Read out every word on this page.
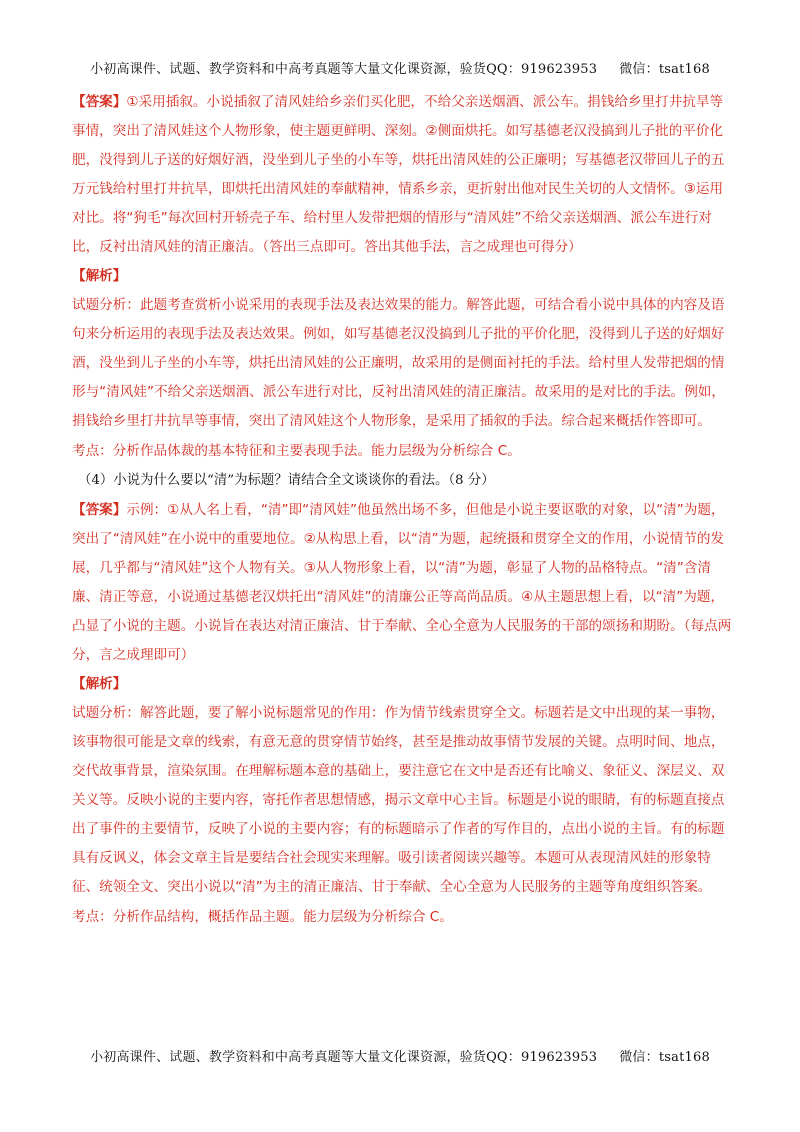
小初高课件、试题、教学资料和中高考真题等大量文化课资源，验货QQ：919623953 微信：tsat168
【答案】①采用插叙。小说插叙了清风娃给乡亲们买化肥，不给父亲送烟酒、派公车。捐钱给乡里打井抗旱等事情，突出了清风娃这个人物形象，使主题更鲜明、深刻。②侧面烘托。如写基德老汉没搞到儿子批的平价化肥，没得到儿子送的好烟好酒，没坐到儿子坐的小车等，烘托出清风娃的公正廉明；写基德老汉带回儿子的五万元钱给村里打井抗旱，即烘托出清风娃的奉献精神，情系乡亲，更折射出他对民生关切的人文情怀。③运用对比。将“狗毛”每次回村开轿壳子车、给村里人发带把烟的情形与“清风娃”不给父亲送烟酒、派公车进行对比，反衬出清风娃的清正廉洁。（答出三点即可。答出其他手法，言之成理也可得分）
【解析】
试题分析：此题考查赏析小说采用的表现手法及表达效果的能力。解答此题，可结合看小说中具体的内容及语句来分析运用的表现手法及表达效果。例如，如写基德老汉没搞到儿子批的平价化肥，没得到儿子送的好烟好酒，没坐到儿子坐的小车等，烘托出清风娃的公正廉明，故采用的是侧面衬托的手法。给村里人发带把烟的情形与“清风娃”不给父亲送烟酒、派公车进行对比，反衬出清风娃的清正廉洁。故采用的是对比的手法。例如，捐钱给乡里打井抗旱等事情，突出了清风娃这个人物形象，是采用了插叙的手法。综合起来概括作答即可。
考点：分析作品体裁的基本特征和主要表现手法。能力层级为分析综合 C。
（4）小说为什么要以“清”为标题？请结合全文谈谈你的看法。（8 分）
【答案】示例：①从人名上看，“清”即“清风娃”他虽然出场不多，但他是小说主要讴歌的对象，以“清”为题，突出了“清风娃”在小说中的重要地位。②从构思上看，以“清”为题，起统摄和贯穿全文的作用，小说情节的发展，几乎都与“清风娃”这个人物有关。③从人物形象上看，以“清”为题，彰显了人物的品格特点。“清”含清廉、清正等意，小说通过基德老汉烘托出“清风娃”的清廉公正等高尚品质。④从主题思想上看，以“清”为题，凸显了小说的主题。小说旨在表达对清正廉洁、甘于奉献、全心全意为人民服务的干部的颂扬和期盼。（每点两分，言之成理即可）
【解析】
试题分析：解答此题，要了解小说标题常见的作用：作为情节线索贯穿全文。标题若是文中出现的某一事物，该事物很可能是文章的线索，有意无意的贯穿情节始终，甚至是推动故事情节发展的关键。点明时间、地点，交代故事背景，渲染氛围。在理解标题本意的基础上，要注意它在文中是否还有比喻义、象征义、深层义、双关义等。反映小说的主要内容，寄托作者思想情感，揭示文章中心主旨。标题是小说的眼睛，有的标题直接点出了事件的主要情节，反映了小说的主要内容；有的标题暗示了作者的写作目的，点出小说的主旨。有的标题具有反讽义，体会文章主旨是要结合社会现实来理解。吸引读者阅读兴趣等。本题可从表现清风娃的形象特征、统领全文、突出小说以“清”为主的清正廉洁、甘于奉献、全心全意为人民服务的主题等角度组织答案。
考点：分析作品结构，概括作品主题。能力层级为分析综合 C。
小初高课件、试题、教学资料和中高考真题等大量文化课资源，验货QQ：919623953 微信：tsat168
